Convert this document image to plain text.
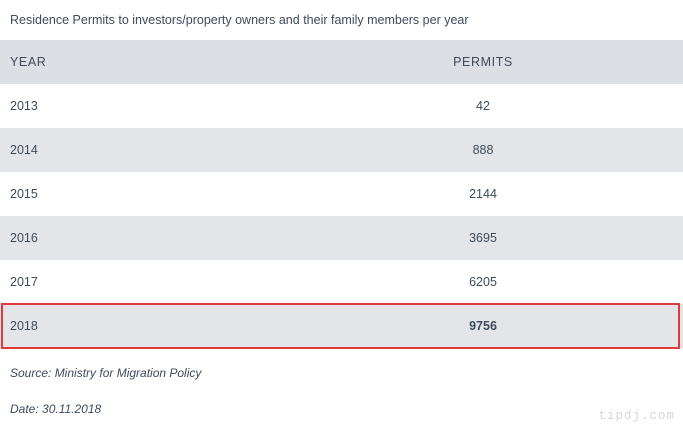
Residence Permits to investors/property owners and their family members per year
YEAR	PERMITS
2013	42
2014	888
2015	2144
2016	3695
2017	6205
2018	9756
Source: Ministry for Migration Policy
Date: 30.11.2018	tipdj.com
